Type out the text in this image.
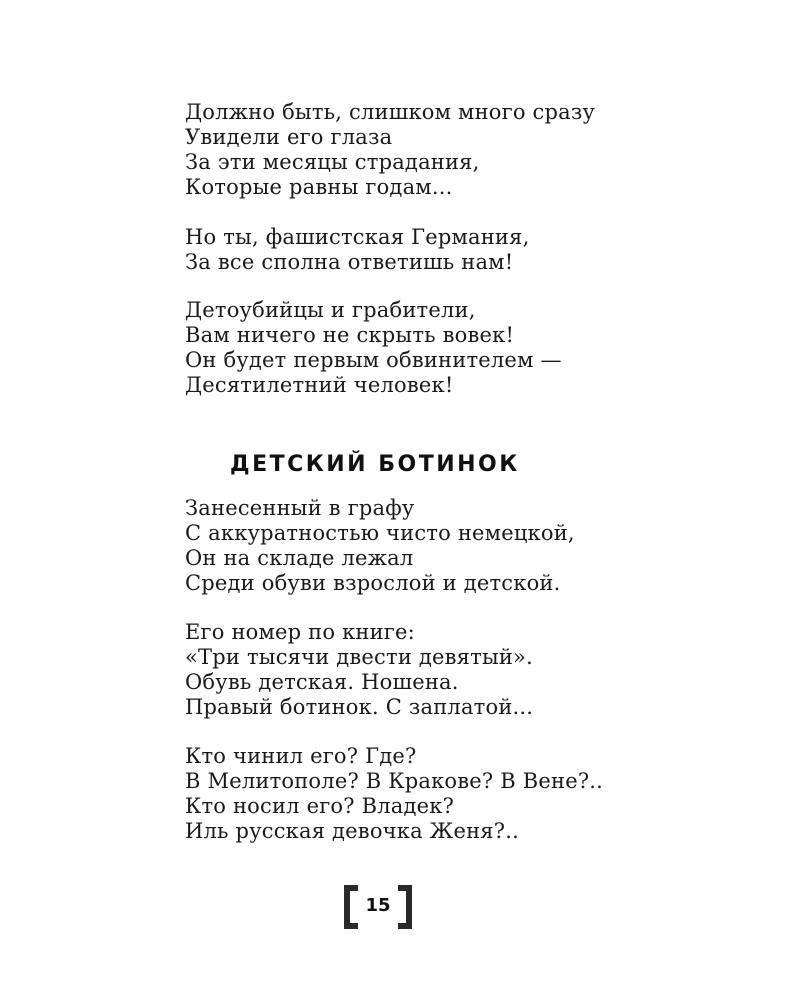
Должно быть, слишком много сразу
Увидели его глаза
За эти месяцы страдания,
Которые равны годам...
Но ты, фашистская Германия,
За все сполна ответишь нам!
Детоубийцы и грабители,
Вам ничего не скрыть вовек!
Он будет первым обвинителем —
Десятилетний человек!
ДЕТСКИЙ БОТИНОК
Занесенный в графу
С аккуратностью чисто немецкой,
Он на складе лежал
Среди обуви взрослой и детской.
Его номер по книге:
«Три тысячи двести девятый».
Обувь детская. Ношена.
Правый ботинок. С заплатой...
Кто чинил его? Где?
В Мелитополе? В Кракове? В Вене?..
Кто носил его? Владек?
Иль русская девочка Женя?..
15
